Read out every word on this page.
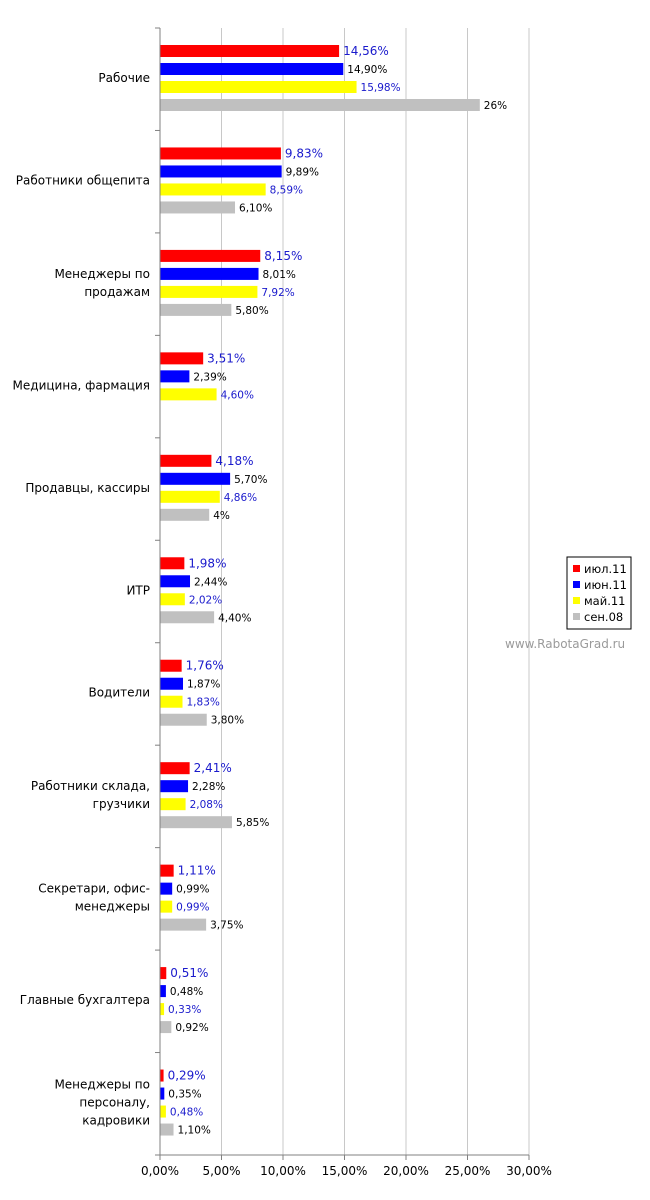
14,56%
14,90%
15,98%
26%
9,83%
9,89%
8,59%
6,10%
8,15%
8,01%
7,92%
5,80%
3,51%
2,39%
4,60%
4,18%
5,70%
4,86%
4%
1,98%
2,44%
2,02%
4,40%
1,76%
1,87%
1,83%
3,80%
2,41%
2,28%
2,08%
5,85%
1,11%
0,99%
0,99%
3,75%
0,51%
0,48%
0,33%
0,92%
0,29%
0,35%
0,48%
1,10%
Рабочие
Работники общепита
Менеджеры по
продажам
Медицина, фармация
Продавцы, кассиры
ИТР
Водители
Работники склада,
грузчики
Секретари, офис-
менеджеры
Главные бухгалтера
Менеджеры по
персоналу,
кадровики
0,00% 5,00% 10,00% 15,00% 20,00% 25,00% 30,00%
июл.11
июн.11
май.11
сен.08
www.RabotaGrad.ru
